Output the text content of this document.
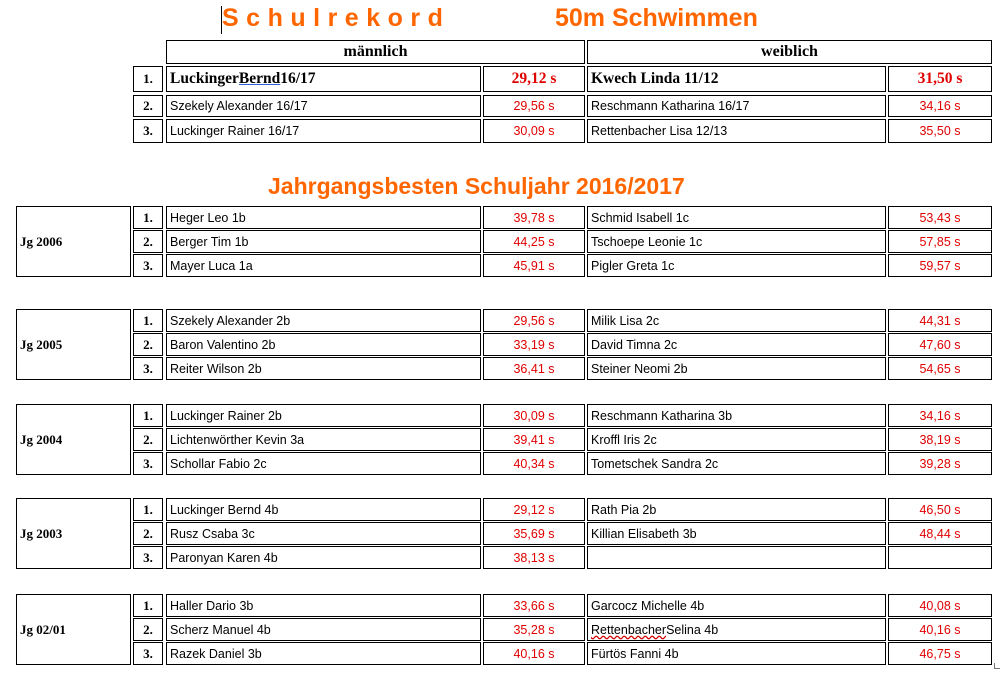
Schulrekord	50m Schwimmen
männlich	weiblich
1.	Luckinger Bernd 16/17	29,12 s	Kwech Linda 11/12	31,50 s
2.	Szekely Alexander 16/17	29,56 s	Reschmann Katharina 16/17	34,16 s
3.	Luckinger Rainer 16/17	30,09 s	Rettenbacher Lisa 12/13	35,50 s
Jahrgangsbesten Schuljahr 2016/2017
Jg 2006
1.	Heger Leo 1b	39,78 s	Schmid Isabell 1c	53,43 s
2.	Berger Tim 1b	44,25 s	Tschoepe Leonie 1c	57,85 s
3.	Mayer Luca 1a	45,91 s	Pigler Greta 1c	59,57 s
Jg 2005
1.	Szekely Alexander 2b	29,56 s	Milik Lisa 2c	44,31 s
2.	Baron Valentino 2b	33,19 s	David Timna 2c	47,60 s
3.	Reiter Wilson 2b	36,41 s	Steiner Neomi 2b	54,65 s
Jg 2004
1.	Luckinger Rainer 2b	30,09 s	Reschmann Katharina 3b	34,16 s
2.	Lichtenwörther Kevin 3a	39,41 s	Kroffl Iris 2c	38,19 s
3.	Schollar Fabio 2c	40,34 s	Tometschek Sandra 2c	39,28 s
Jg 2003
1.	Luckinger Bernd 4b	29,12 s	Rath Pia 2b	46,50 s
2.	Rusz Csaba 3c	35,69 s	Killian Elisabeth 3b	48,44 s
3.	Paronyan Karen 4b	38,13 s
Jg 02/01
1.	Haller Dario 3b	33,66 s	Garcocz Michelle 4b	40,08 s
2.	Scherz Manuel 4b	35,28 s	Rettenbacher Selina 4b	40,16 s
3.	Razek Daniel 3b	40,16 s	Fürtös Fanni 4b	46,75 s
